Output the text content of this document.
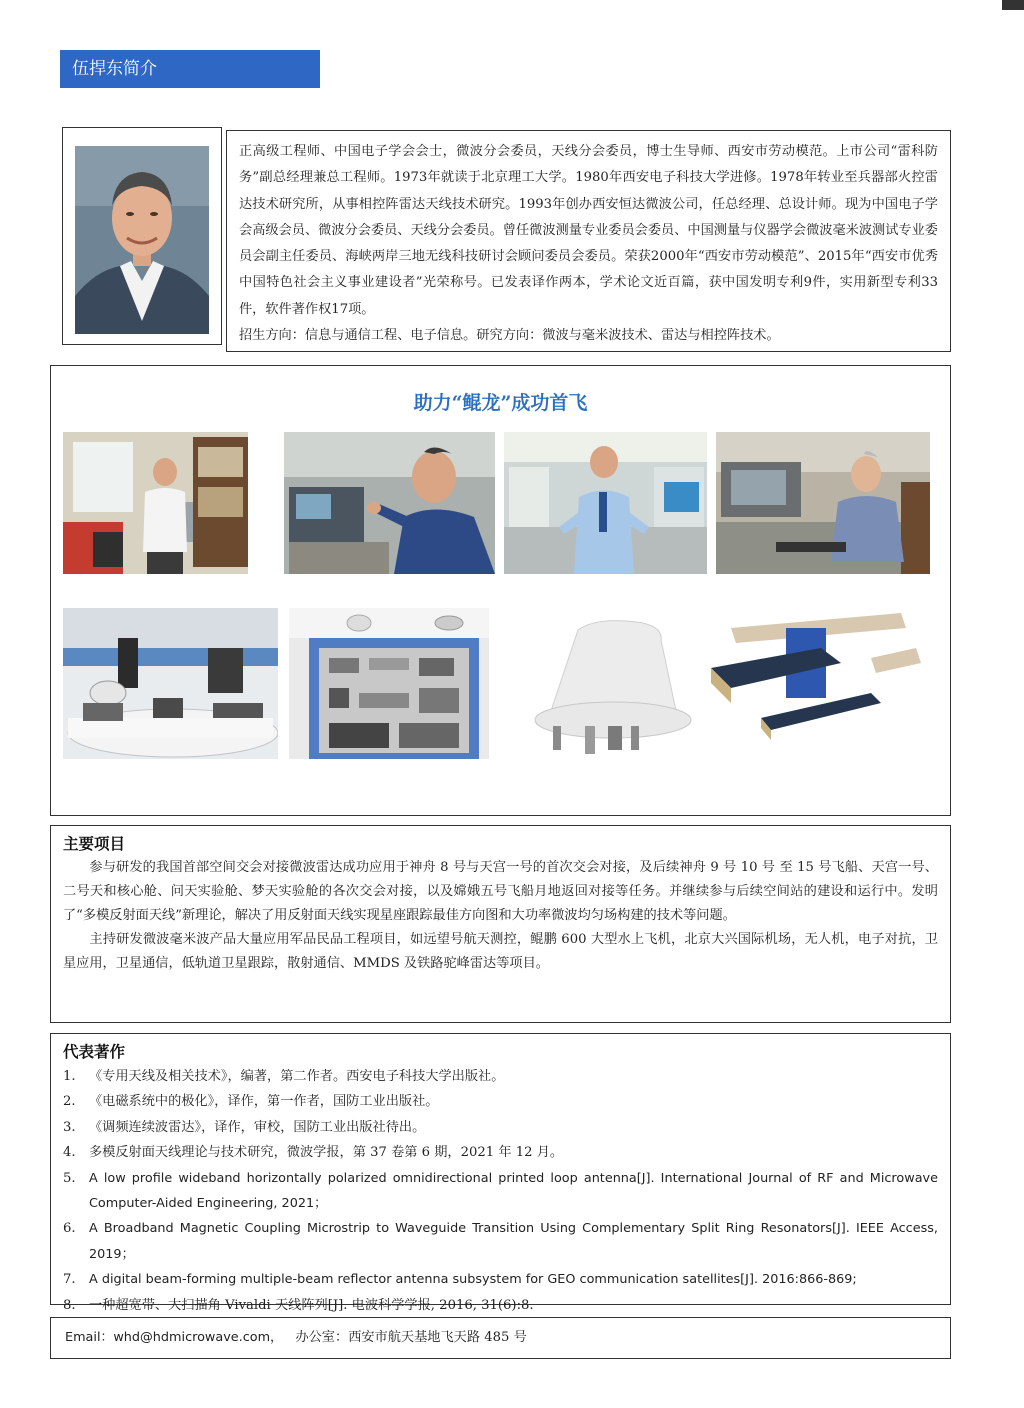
伍捍东简介

正高级工程师、中国电子学会会士，微波分会委员，天线分会委员，博士生导师、西安市劳动模范。上市公司“雷科防务”副总经理兼总工程师。1973年就读于北京理工大学。1980年西安电子科技大学进修。1978年转业至兵器部火控雷达技术研究所，从事相控阵雷达天线技术研究。1993年创办西安恒达微波公司，任总经理、总设计师。现为中国电子学会高级会员、微波分会委员、天线分会委员。曾任微波测量专业委员会委员、中国测量与仪器学会微波毫米波测试专业委员会副主任委员、海峡两岸三地无线科技研讨会顾问委员会委员。荣获2000年“西安市劳动模范”、2015年“西安市优秀中国特色社会主义事业建设者”光荣称号。已发表译作两本，学术论文近百篇，获中国发明专利9件，实用新型专利33件，软件著作权17项。

招生方向：信息与通信工程、电子信息。研究方向：微波与毫米波技术、雷达与相控阵技术。

助力“鲲龙”成功首飞
主要项目

参与研发的我国首部空间交会对接微波雷达成功应用于神舟 8 号与天宫一号的首次交会对接，及后续神舟 9 号 10 号 至 15 号飞船、天宫一号、二号天和核心舱、问天实验舱、梦天实验舱的各次交会对接，以及嫦娥五号飞船月地返回对接等任务。并继续参与后续空间站的建设和运行中。发明了“多模反射面天线”新理论，解决了用反射面天线实现星座跟踪最佳方向图和大功率微波均匀场构建的技术等问题。

主持研发微波毫米波产品大量应用军品民品工程项目，如远望号航天测控，鲲鹏 600 大型水上飞机，北京大兴国际机场，无人机，电子对抗，卫星应用，卫星通信，低轨道卫星跟踪，散射通信、MMDS 及铁路驼峰雷达等项目。

代表著作
1.	《专用天线及相关技术》，编著，第二作者。西安电子科技大学出版社。
2.	《电磁系统中的极化》，译作，第一作者，国防工业出版社。
3.	《调频连续波雷达》，译作，审校，国防工业出版社待出。
4.	多模反射面天线理论与技术研究，微波学报，第 37 卷第 6 期，2021 年 12 月。
5.	A low profile wideband horizontally polarized omnidirectional printed loop antenna[J]. International Journal of RF and Microwave Computer-Aided Engineering, 2021；
6.	A Broadband Magnetic Coupling Microstrip to Waveguide Transition Using Complementary Split Ring Resonators[J]. IEEE Access, 2019；
7.	A digital beam-forming multiple-beam reflector antenna subsystem for GEO communication satellites[J]. 2016:866-869;
8.	一种超宽带、大扫描角 Vivaldi 天线阵列[J]. 电波科学学报, 2016, 31(6):8.
Email：whd@hdmicrowave.com， 办公室：西安市航天基地飞天路 485 号
